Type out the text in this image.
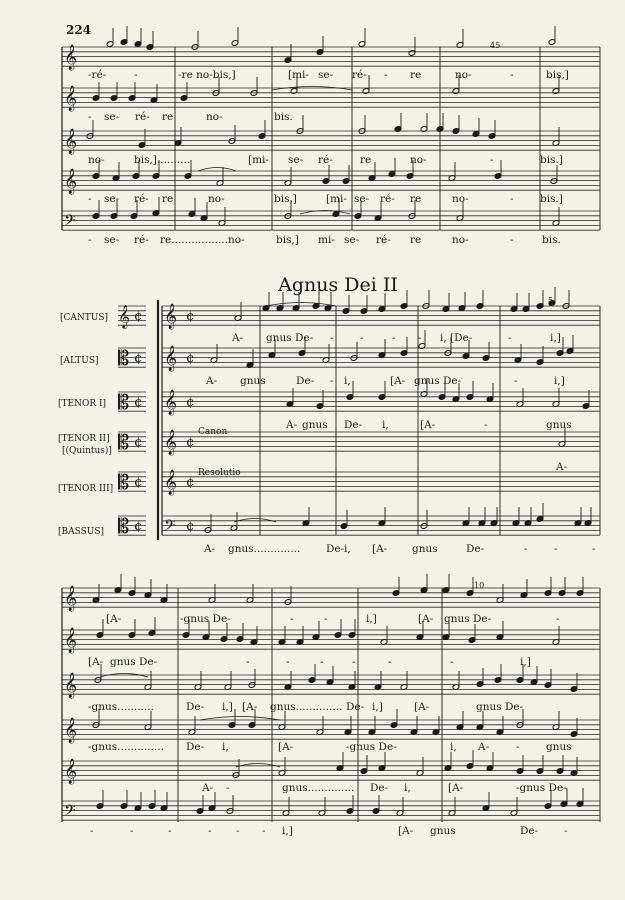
𝄞
𝄞
𝄞
𝄞
𝄢
𝄞 ¢
𝄡 ¢
𝄡 ¢
𝄡 ¢
𝄡 ¢
𝄡 ¢
𝄞 ¢
𝄞 ¢
𝄞 ¢
𝄞 ¢
𝄞 ¢
𝄢 ¢
𝄞
𝄞
𝄞
𝄞
𝄞
𝄢
224
45
5
10
Agnus Dei II
[CANTUS]
[ALTUS]
[TENOR I]
[TENOR II]
[(Quintus)]
[TENOR III]
[BASSUS]
Canon
Resolutio
-ré-	-	-re no-bis,]	[mi- se- ré- - re	no-	-	bis,]
- se- ré- re	no-	bis.
no-	bis,]..........	[mi- se- ré-	re	no-	-	bis.]
- se- ré- re	no-	bis,]	[mi- se- ré- re	no-	-	bis.]
- se- ré- re................. no-	bis,] mi- se- ré- re	no-	-	bis.
A- gnus De- -	-	- - i, [De-	-	i,]
A- gnus	De- - i,	[A- gnus De-	-	i,]
A- gnus De- i,	[A-	-	gnus
A-
A- gnus.............. De- i, [A- gnus	De-	-	-	-
[A-	-gnus De-	-	-	i,]	[A- gnus De-	-
[A- gnus De-	-	-	-	-	-	-	i,]
-gnus...........	De- i,] [A- gnus.............. De- i,]	[A-	gnus De-
-gnus.............. De- i,	[A-	-gnus De-	i, A-	-	gnus
A- -	gnus.............. De- i,	[A-	-gnus De-
-	-	-	- - - i,]	[A- gnus	De- -
